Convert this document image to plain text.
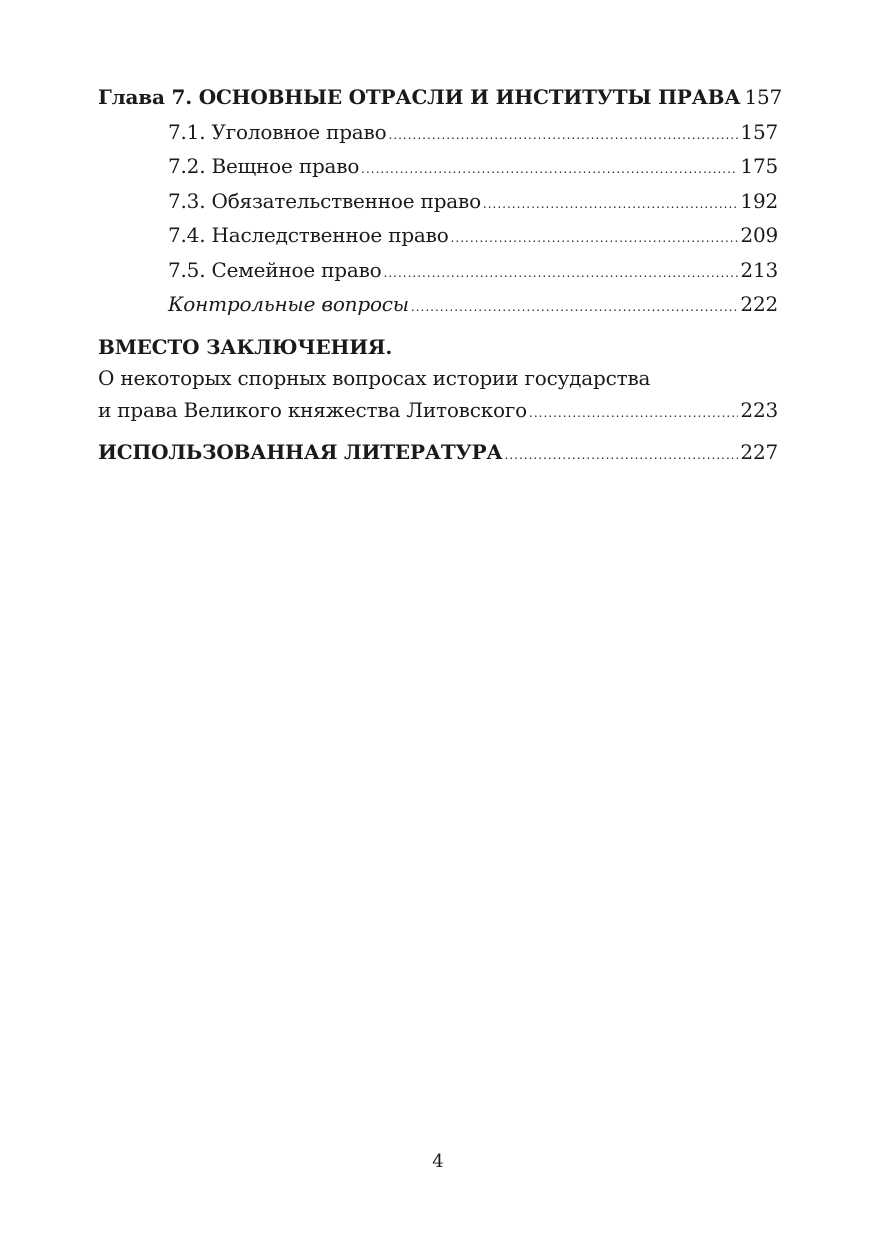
Глава 7. ОСНОВНЫЕ ОТРАСЛИ И ИНСТИТУТЫ ПРАВА 157
7.1. Уголовное право .....	157
7.2. Вещное право .....	175
7.3. Обязательственное право .....	192
7.4. Наследственное право .....	209
7.5. Семейное право .....	213
Контрольные вопросы .....	222
ВМЕСТО ЗАКЛЮЧЕНИЯ.
О некоторых спорных вопросах истории государства
и права Великого княжества Литовского .....	223
ИСПОЛЬЗОВАННАЯ ЛИТЕРАТУРА .....	227
4
